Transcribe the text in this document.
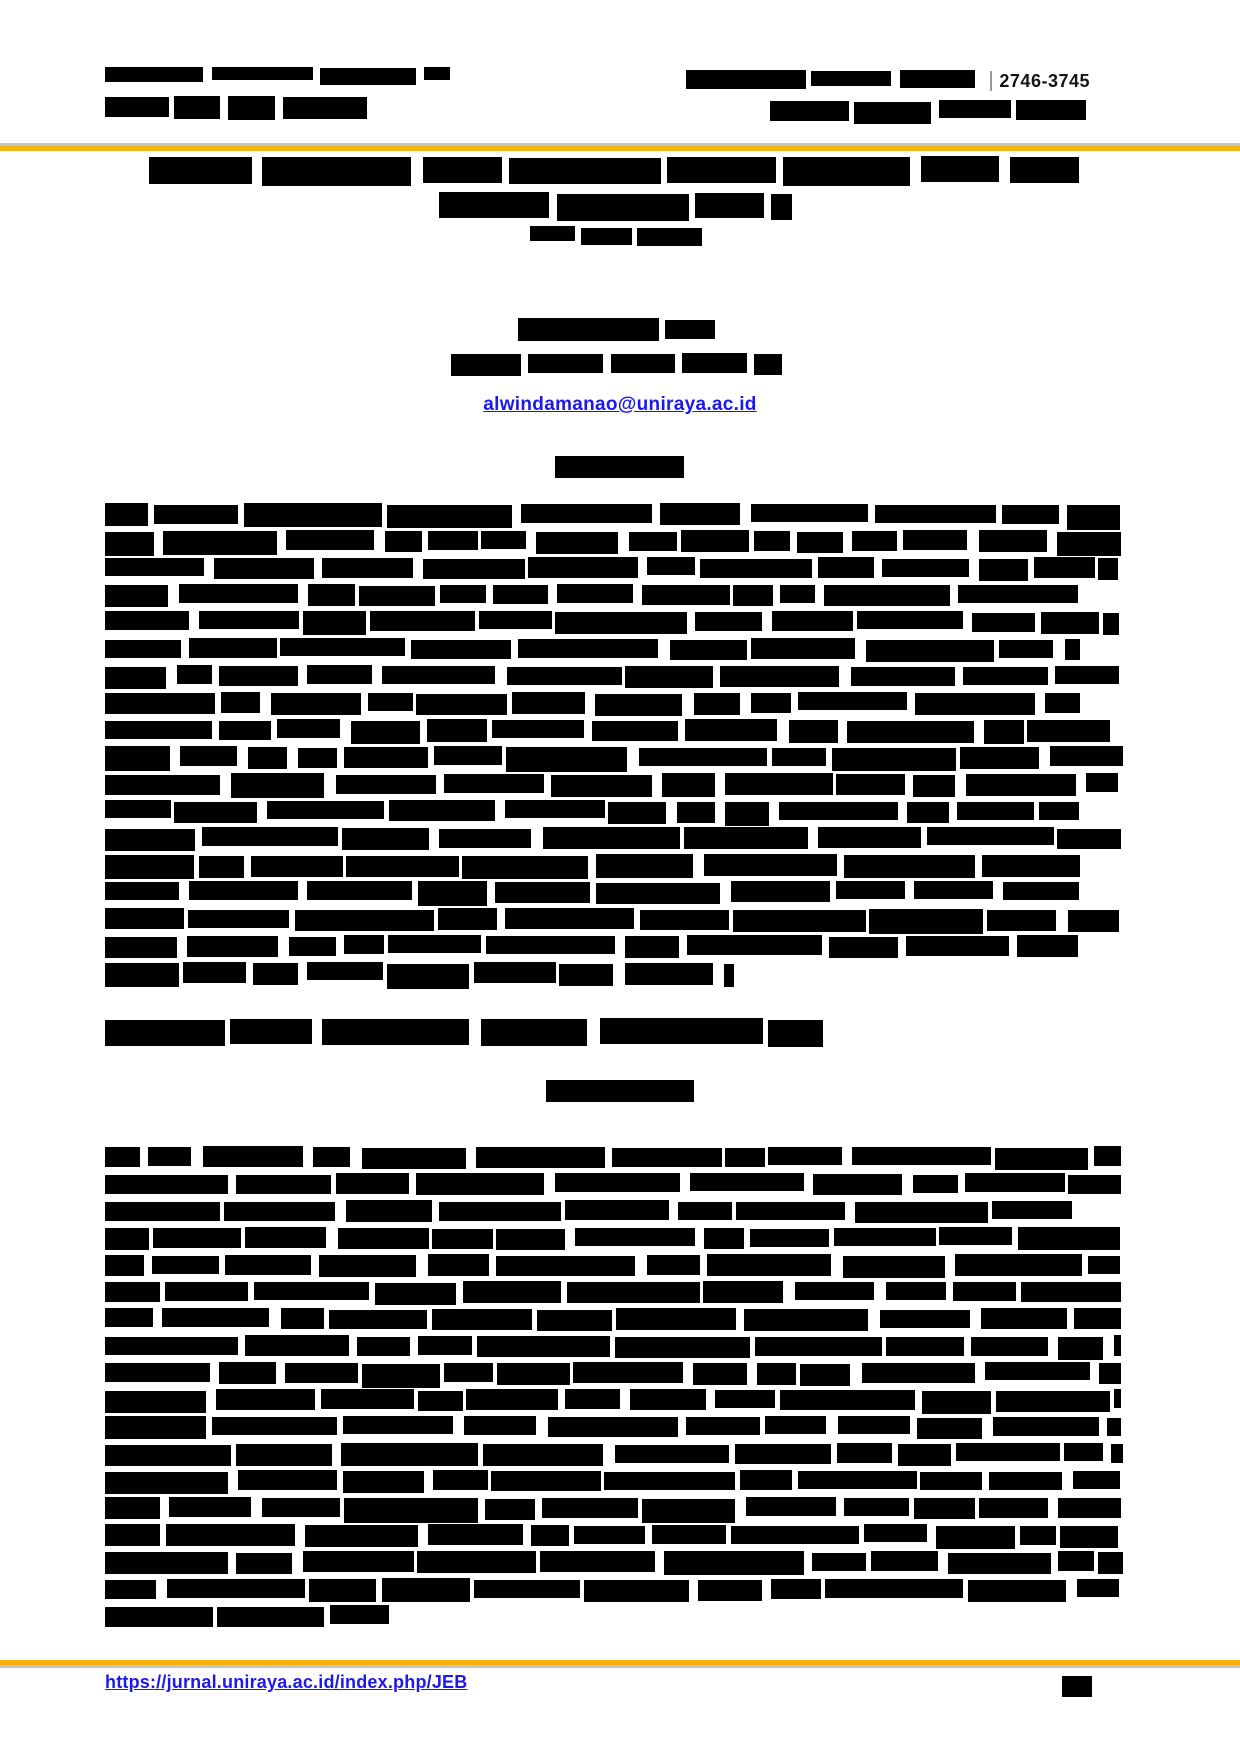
2746-3745
alwindamanao@uniraya.ac.id
https://jurnal.uniraya.ac.id/index.php/JEB
